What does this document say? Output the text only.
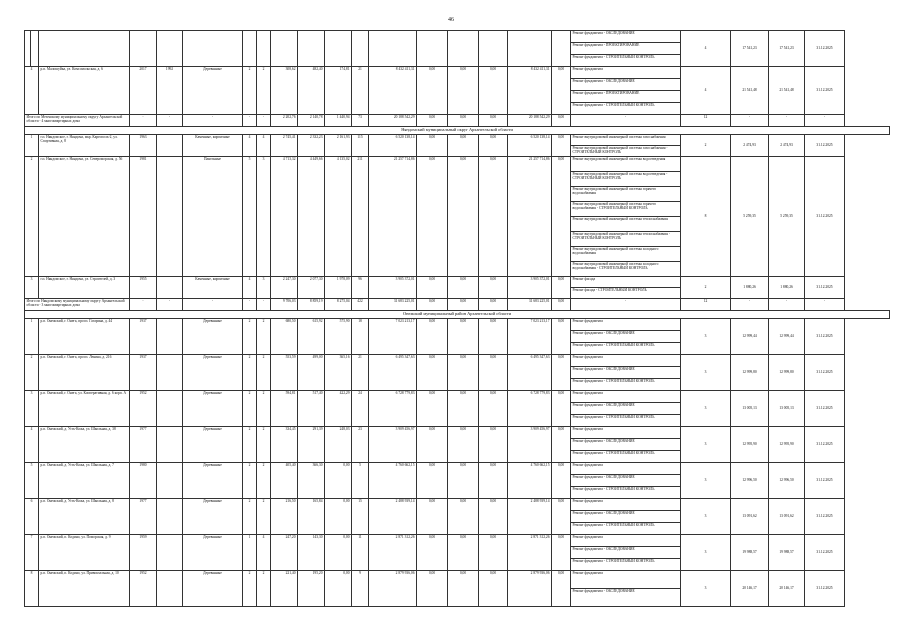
46
																		Ремонт фундамента - ОБСЛЕДОВАНИЕ	4	17 541,23	17 541,23	31.12.2025
																		Ремонт фундамента - ПРОЕКТИРОВАНИЕ				
																		Ремонт фундамента - СТРОИТЕЛЬНЫЙ КОНТРОЛЬ				
4		р.п. Малошуйка, ул. Комсомольская, д. 6	2017	1992	Деревянные	2	2	308,62	482,40	174,81	21	8 432 411,31	0,00	0,00	0,00	8 432 411,31	0,00	Ремонт фундамента	4	21 541,48	21 541,48	31.12.2025
																		Ремонт фундамента - ОБСЛЕДОВАНИЕ				
																		Ремонт фундамента - ПРОЕКТИРОВАНИЕ				
																		Ремонт фундамента - СТРОИТЕЛЬНЫЙ КОНТРОЛЬ				
Итого по Мезенскому муниципальному округу Архангельской области - 4 многоквартирных дома			-	-	-	-	-	2 202,76	2 140,78	1 440,94	73	20 188 542,29	0,00	0,00	0,00	20 188 542,29	0,00	-	12	-	-	-
Няндомский муниципальный округ Архангельской области																						
1		г.п. Няндомское, г. Няндома, мкр. Каргополь-2, ул. Спортивная, д. 8	1963		Каменные, кирпичные	4	4	2 745,41	2 332,23	2 161,93	115	6 520 138,14	0,00	0,00	0,00	6 520 138,14	0,00	Ремонт внутридомовой инженерной системы газоснабжения	2	2 474,93	2 474,93	31.12.2025
																		Ремонт внутридомовой инженерной системы газоснабжения - СТРОИТЕЛЬНЫЙ КОНТРОЛЬ				
2		г.п. Няндомское, г. Няндома, ул. Североморская, д. 56	1981		Панельные	5	3	4 713,32	4 449,66	4 135,02	211	21 257 714,86	0,00	0,00	0,00	21 257 714,86	0,00	Ремонт внутридомовой инженерной системы водоотведения	8	5 259,35	5 259,35	31.12.2025
																		Ремонт внутридомовой инженерной системы водоотведения - СТРОИТЕЛЬНЫЙ КОНТРОЛЬ				
																		Ремонт внутридомовой инженерной системы горячего водоснабжения				
																		Ремонт внутридомовой инженерной системы горячего водоснабжения - СТРОИТЕЛЬНЫЙ КОНТРОЛЬ				
																		Ремонт внутридомовой инженерной системы теплоснабжения				
																		Ремонт внутридомовой инженерной системы теплоснабжения - СТРОИТЕЛЬНЫЙ КОНТРОЛЬ				
																		Ремонт внутридомовой инженерной системы холодного водоснабжения				
																		Ремонт внутридомовой инженерной системы холодного водоснабжения - СТРОИТЕЛЬНЫЙ КОНТРОЛЬ				
3		г.п. Няндомское, г. Няндома, ул. Строителей, д. 3	1955		Каменные, кирпичные	4	3	2 247,30	2 077,30	1 978,09	96	3 905 372,01	0,00	0,00	0,00	3 905 372,01	0,00	Ремонт фасада	2	1 880,26	1 880,26	31.12.2025
																		Ремонт фасада - СТРОИТЕЛЬНЫЙ КОНТРОЛЬ				
Итого по Няндомскому муниципальному округу Архангельской области - 3 многоквартирных дома			-	-	-	-	-	9 706,03	8 859,19	8 275,04	422	31 683 225,01	0,00	0,00	0,00	31 683 225,01	0,00	-	12	-	-	-
Онежский муниципальный район Архангельской области																						
1		р.п. Онежский, г. Онега, просп. Гагарина, д. 44	1937		Деревянные	2	2	680,50	615,92	575,90	18	7 023 213,17	0,00	0,00	0,00	7 023 213,17	0,00	Ремонт фундамента	3	12 999,44	12 999,44	31.12.2025
																		Ремонт фундамента - ОБСЛЕДОВАНИЕ				
																		Ремонт фундамента - СТРОИТЕЛЬНЫЙ КОНТРОЛЬ				
2		р.п. Онежский, г. Онега, просп. Ленина, д. 216	1937		Деревянные	2	2	553,59	499,00	365,16	21	6 495 347,63	0,00	0,00	0,00	6 495 347,63	0,00	Ремонт фундамента	3	12 999,80	12 999,80	31.12.2025
																		Ремонт фундамента - ОБСЛЕДОВАНИЕ				
																		Ремонт фундамента - СТРОИТЕЛЬНЫЙ КОНТРОЛЬ				
3		р.п. Онежский, г. Онега, ул. Кооперативная, д. 6 корп. А	1952		Деревянные	2	2	594,81	517,40	422,29	24	6 728 779,83	0,00	0,00	0,00	6 728 779,83	0,00	Ремонт фундамента	3	13 005,13	13 005,13	31.12.2025
																		Ремонт фундамента - ОБСЛЕДОВАНИЕ				
																		Ремонт фундамента - СТРОИТЕЛЬНЫЙ КОНТРОЛЬ				
4		р.п. Онежский, д. Усть-Кожа, ул. Школьная, д. 38	1977		Деревянные	2	2	334,45	291,39	248,03	23	3 909 456,97	0,00	0,00	0,00	3 909 456,97	0,00	Ремонт фундамента	3	12 995,90	12 995,90	31.12.2025
																		Ремонт фундамента - ОБСЛЕДОВАНИЕ				
																		Ремонт фундамента - СТРОИТЕЛЬНЫЙ КОНТРОЛЬ				
5		р.п. Онежский, д. Усть-Кожа, ул. Школьная, д. 7	1980		Деревянные	2	2	405,40	366,30	0,00	5	4 760 662,15	0,00	0,00	0,00	4 760 662,15	0,00	Ремонт фундамента	3	12 996,50	12 996,50	31.12.2025
																		Ремонт фундамента - ОБСЛЕДОВАНИЕ				
																		Ремонт фундамента - СТРОИТЕЛЬНЫЙ КОНТРОЛЬ				
6		р.п. Онежский, д. Усть-Кожа, ул. Школьная, д. 8	1977		Деревянные	2	2	216,50	165,84	0,00	15	2 488 939,14	0,00	0,00	0,00	2 488 939,14	0,00	Ремонт фундамента	3	13 091,62	13 091,62	31.12.2025
																		Ремонт фундамента - ОБСЛЕДОВАНИЕ				
																		Ремонт фундамента - СТРОИТЕЛЬНЫЙ КОНТРОЛЬ				
7		р.п. Онежский, п. Кодино, ул. Поморская, д. 9	1959		Деревянные	1	4	247,20	143,30	0,00	11	2 871 312,26	0,00	0,00	0,00	2 871 312,26	0,00	Ремонт фундамента	3	19 988,57	19 988,57	31.12.2025
																		Ремонт фундамента - ОБСЛЕДОВАНИЕ				
																		Ремонт фундамента - СТРОИТЕЛЬНЫЙ КОНТРОЛЬ				
8		р.п. Онежский, п. Кодино, ул. Привокзальная, д. 10	1952		Деревянные	2	2	221,40	195,20	0,00	9	2 879 936,06	0,00	0,00	0,00	2 879 936,06	0,00	Ремонт фундамента	3	20 146,17	20 146,17	31.12.2025
																		Ремонт фундамента - ОБСЛЕДОВАНИЕ				
